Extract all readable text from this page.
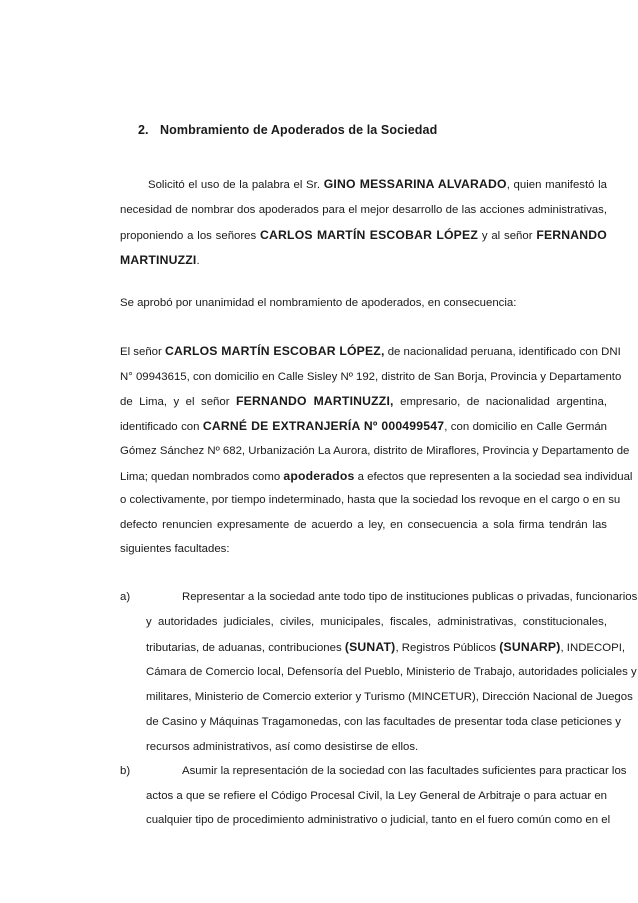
2. Nombramiento de Apoderados de la Sociedad
Solicitó el uso de la palabra el Sr. GINO MESSARINA ALVARADO, quien manifestó la
necesidad de nombrar dos apoderados para el mejor desarrollo de las acciones administrativas,
proponiendo a los señores CARLOS MARTÍN ESCOBAR LÓPEZ y al señor FERNANDO
MARTINUZZI.
Se aprobó por unanimidad el nombramiento de apoderados, en consecuencia:
El señor CARLOS MARTÍN ESCOBAR LÓPEZ, de nacionalidad peruana, identificado con DNI
N° 09943615, con domicilio en Calle Sisley Nº 192, distrito de San Borja, Provincia y Departamento
de Lima, y el señor FERNANDO MARTINUZZI, empresario, de nacionalidad argentina,
identificado con CARNÉ DE EXTRANJERÍA Nº 000499547, con domicilio en Calle Germán
Gómez Sánchez Nº 682, Urbanización La Aurora, distrito de Miraflores, Provincia y Departamento de
Lima; quedan nombrados como apoderados a efectos que representen a la sociedad sea individual
o colectivamente, por tiempo indeterminado, hasta que la sociedad los revoque en el cargo o en su
defecto renuncien expresamente de acuerdo a ley, en consecuencia a sola firma tendrán las
siguientes facultades:
a)	Representar a la sociedad ante todo tipo de instituciones publicas o privadas, funcionarios
y autoridades judiciales, civiles, municipales, fiscales, administrativas, constitucionales,
tributarias, de aduanas, contribuciones (SUNAT), Registros Públicos (SUNARP), INDECOPI,
Cámara de Comercio local, Defensoría del Pueblo, Ministerio de Trabajo, autoridades policiales y
militares, Ministerio de Comercio exterior y Turismo (MINCETUR), Dirección Nacional de Juegos
de Casino y Máquinas Tragamonedas, con las facultades de presentar toda clase peticiones y
recursos administrativos, así como desistirse de ellos.
b)	Asumir la representación de la sociedad con las facultades suficientes para practicar los
actos a que se refiere el Código Procesal Civil, la Ley General de Arbitraje o para actuar en
cualquier tipo de procedimiento administrativo o judicial, tanto en el fuero común como en el
